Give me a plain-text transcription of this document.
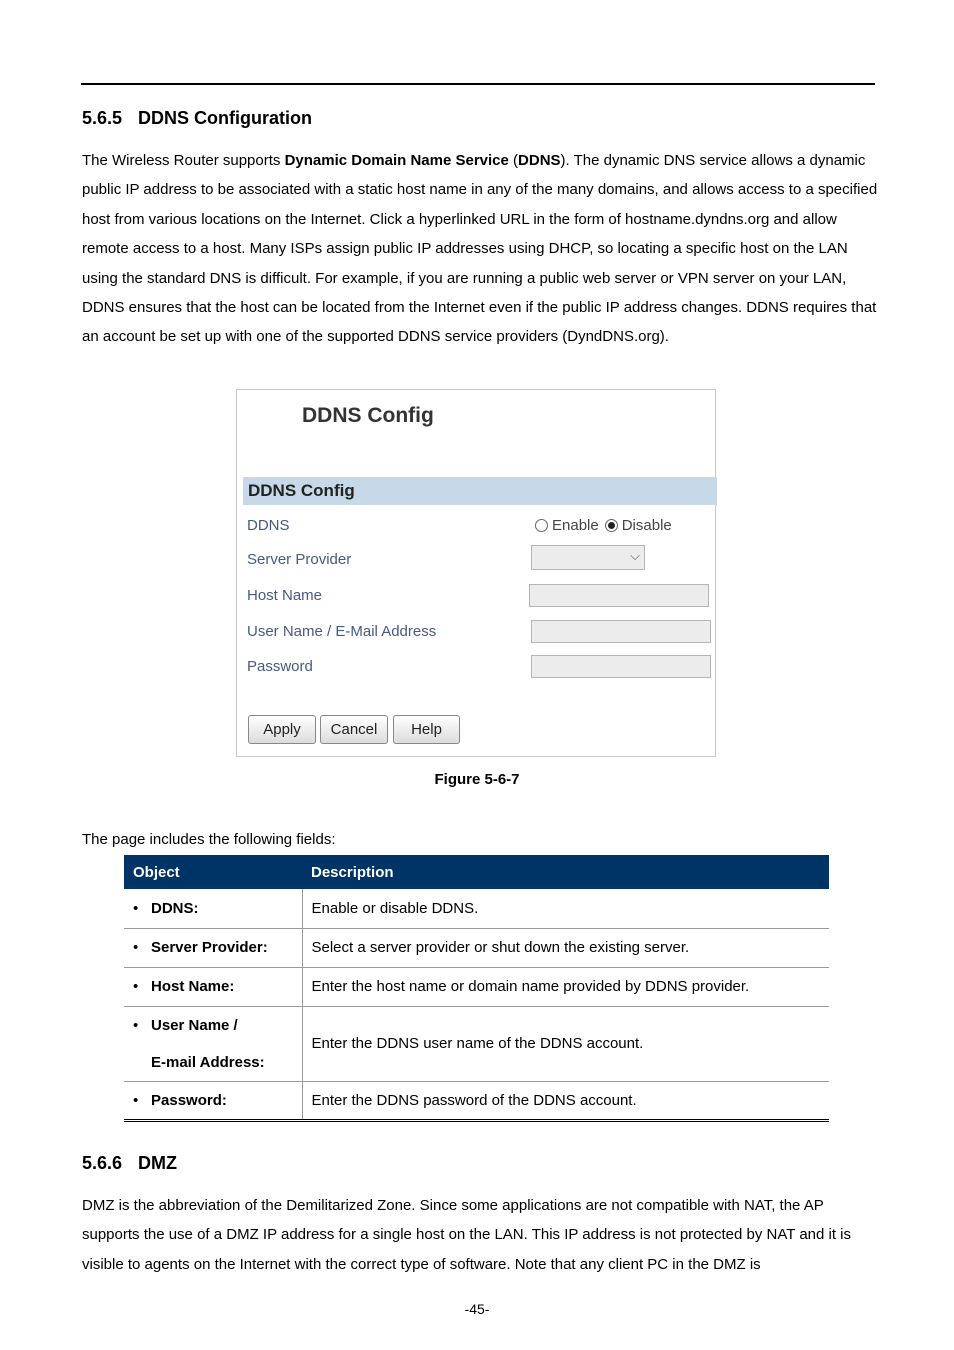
5.6.5 DDNS Configuration

The Wireless Router supports Dynamic Domain Name Service (DDNS). The dynamic DNS service allows a dynamic public IP address to be associated with a static host name in any of the many domains, and allows access to a specified host from various locations on the Internet. Click a hyperlinked URL in the form of hostname.dyndns.org and allow remote access to a host. Many ISPs assign public IP addresses using DHCP, so locating a specific host on the LAN using the standard DNS is difficult. For example, if you are running a public web server or VPN server on your LAN, DDNS ensures that the host can be located from the Internet even if the public IP address changes. DDNS requires that an account be set up with one of the supported DDNS service providers (DyndDNS.org).

DDNS Config
DDNS Config
DDNS	Enable Disable
Server Provider	⌵
Host Name
User Name / E-Mail Address
Password
Apply	Cancel	Help
Figure 5-6-7

The page includes the following fields:

Object	Description
• DDNS:	Enable or disable DDNS.
• Server Provider:	Select a server provider or shut down the existing server.
• Host Name:	Enter the host name or domain name provided by DDNS provider.
• User Name /
E-mail Address:	Enter the DDNS user name of the DDNS account.
• Password:	Enter the DDNS password of the DDNS account.
5.6.6 DMZ

DMZ is the abbreviation of the Demilitarized Zone. Since some applications are not compatible with NAT, the AP supports the use of a DMZ IP address for a single host on the LAN. This IP address is not protected by NAT and it is visible to agents on the Internet with the correct type of software. Note that any client PC in the DMZ is

-45-
